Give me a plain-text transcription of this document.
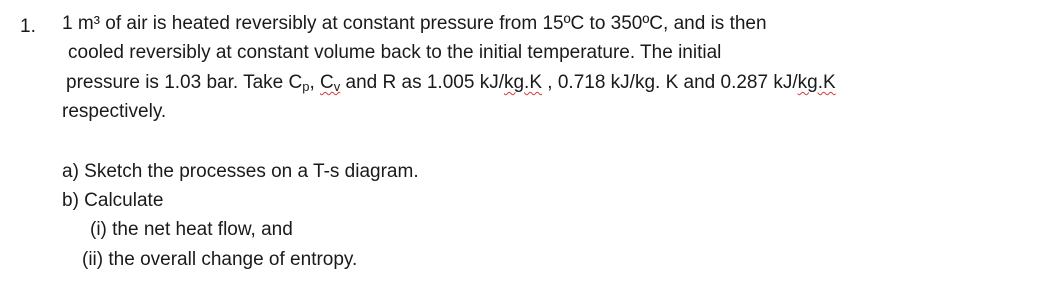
1. 1 m³ of air is heated reversibly at constant pressure from 15ºC to 350ºC, and is then
cooled reversibly at constant volume back to the initial temperature. The initial
pressure is 1.03 bar. Take $C_p$, $C_v$ and R as 1.005 kJ/kg.K , 0.718 kJ/kg. K and 0.287 kJ/kg.K
respectively.
a) Sketch the processes on a T-s diagram.
b) Calculate
(i) the net heat flow, and
(ii) the overall change of entropy.
